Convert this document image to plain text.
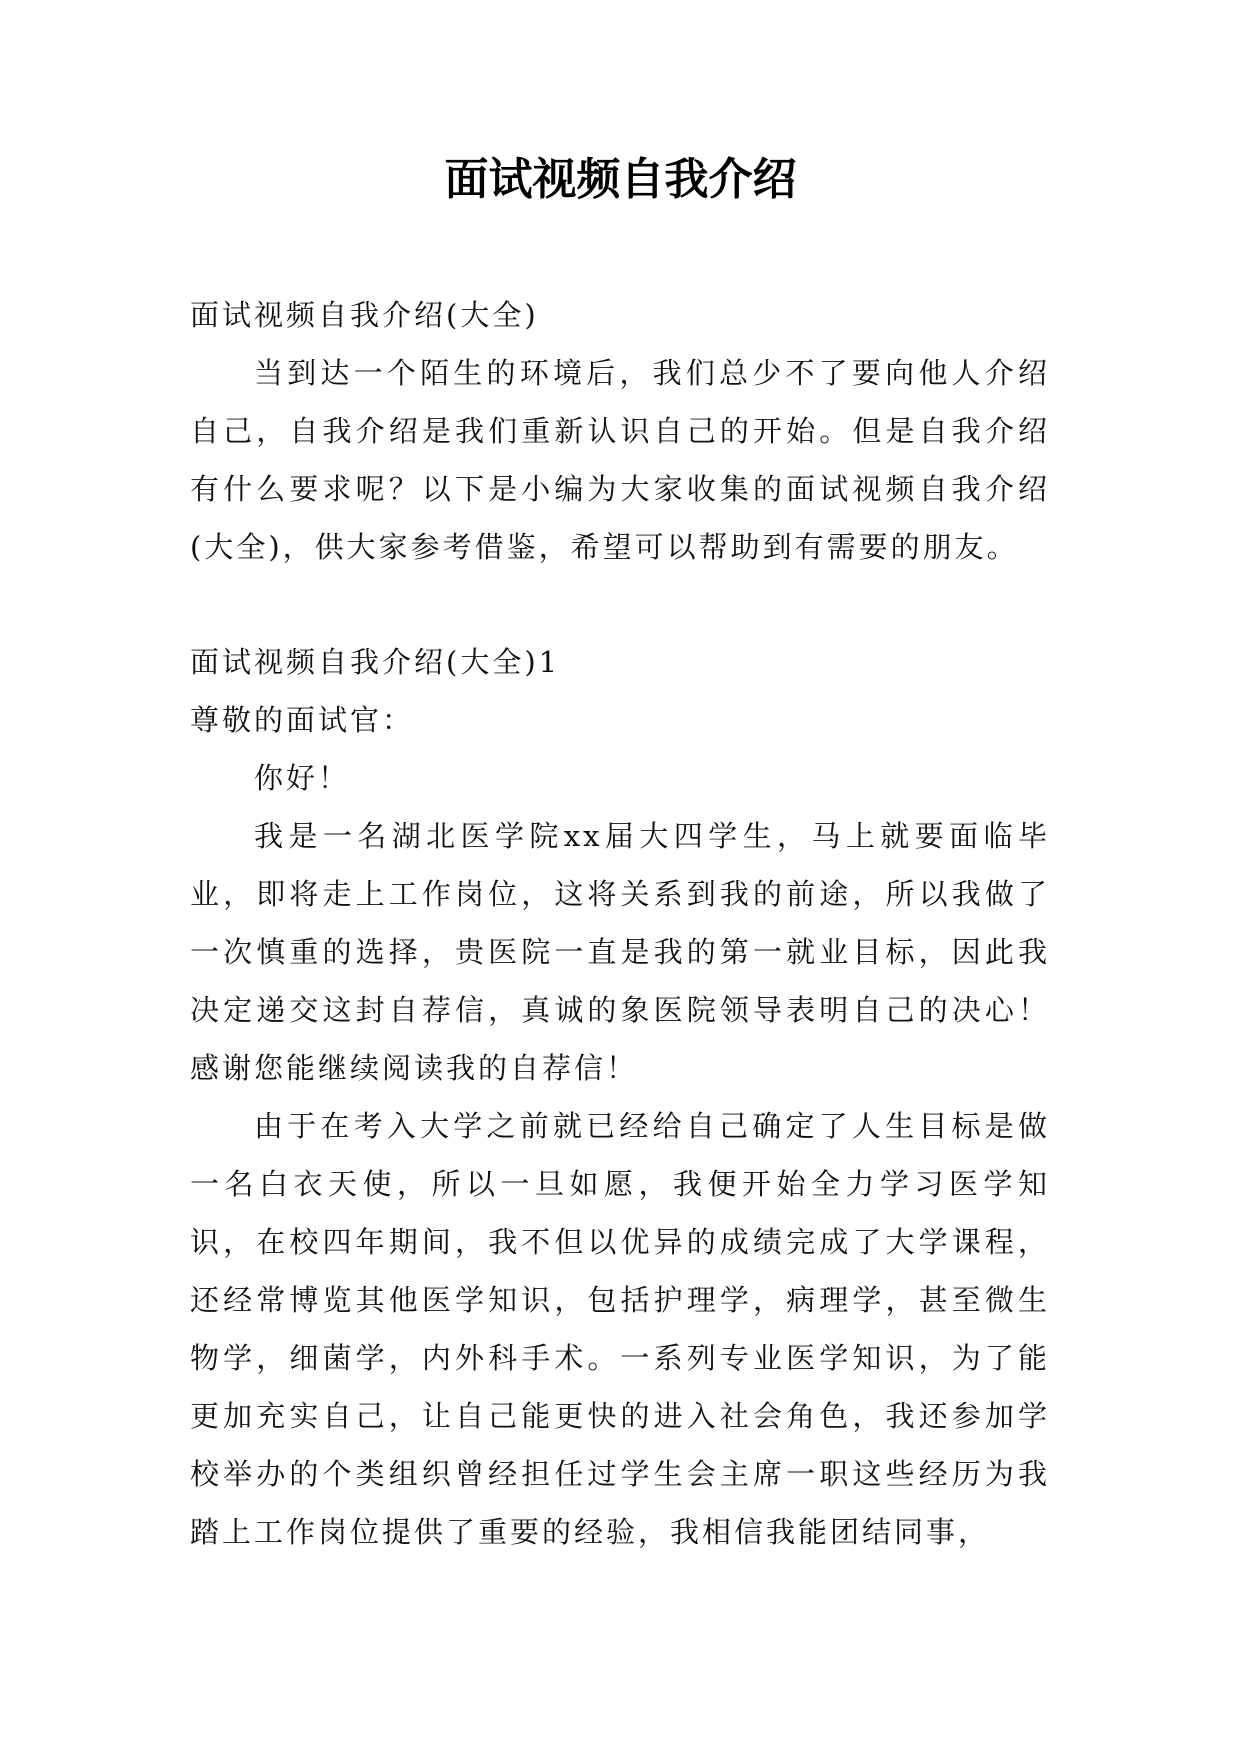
面试视频自我介绍

面试视频自我介绍(大全)

当到达一个陌生的环境后，我们总少不了要向他人介绍自己，自我介绍是我们重新认识自己的开始。但是自我介绍有什么要求呢？以下是小编为大家收集的面试视频自我介绍(大全)，供大家参考借鉴，希望可以帮助到有需要的朋友。

面试视频自我介绍(大全)1

尊敬的面试官：

你好！

我是一名湖北医学院xx届大四学生，马上就要面临毕业，即将走上工作岗位，这将关系到我的前途，所以我做了一次慎重的选择，贵医院一直是我的第一就业目标，因此我决定递交这封自荐信，真诚的象医院领导表明自己的决心！感谢您能继续阅读我的自荐信！

由于在考入大学之前就已经给自己确定了人生目标是做一名白衣天使，所以一旦如愿，我便开始全力学习医学知识，在校四年期间，我不但以优异的成绩完成了大学课程，还经常博览其他医学知识，包括护理学，病理学，甚至微生物学，细菌学，内外科手术。一系列专业医学知识，为了能更加充实自己，让自己能更快的进入社会角色，我还参加学校举办的个类组织曾经担任过学生会主席一职这些经历为我踏上工作岗位提供了重要的经验，我相信我能团结同事，
